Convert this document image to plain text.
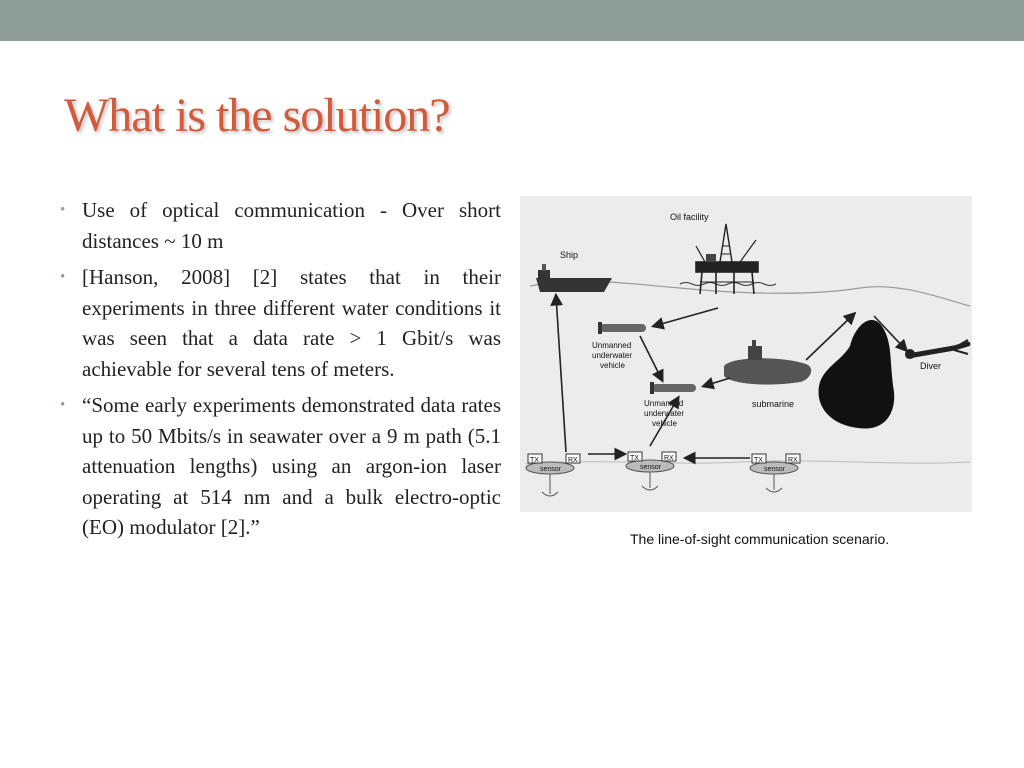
What is the solution?
• Use of optical communication - Over short distances ~ 10 m
• [Hanson, 2008] [2] states that in their experiments in three different water conditions it was seen that a data rate > 1 Gbit/s was achievable for several tens of meters.
• “Some early experiments demonstrated data rates up to 50 Mbits/s in seawater over a 9 m path (5.1 attenuation lengths) using an argon-ion laser operating at 514 nm and a bulk electro-optic (EO) modulator [2].”
Ship
Oil facility
Unmanned
underwater
vehicle
Unmanned
underwater
vehicle
submarine
Diver
TX	RX
sensor
TX	RX
sensor
TX	RX
sensor
The line-of-sight communication scenario.
